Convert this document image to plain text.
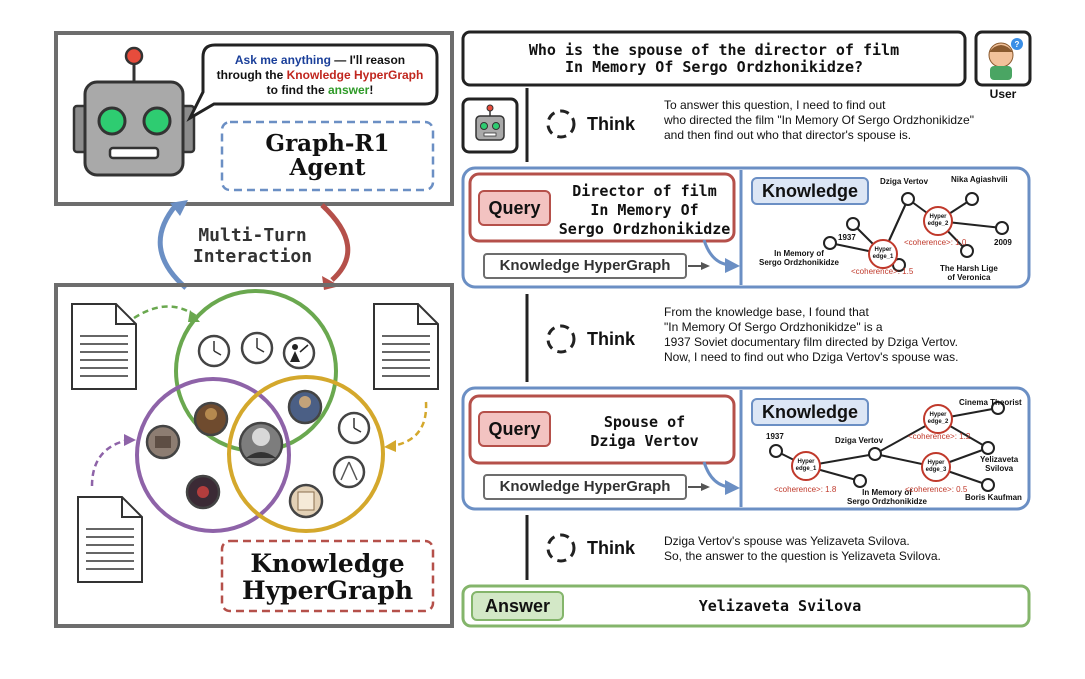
Ask me anything — I'll reason
through the Knowledge HyperGraph
to find the answer!
Graph-R1
Agent
Multi-Turn
Interaction
Knowledge
HyperGraph
?
Who is the spouse of the director of film
In Memory Of Sergo Ordzhonikidze?
User
Think
To answer this question, I need to find out
who directed the film "In Memory Of Sergo Ordzhonikidze"
and then find out who that director's spouse is.
Query
Director of film
In Memory Of
Sergo Ordzhonikidze
Knowledge HyperGraph
Knowledge	Dziga Vertov	Nika Agiashvili
1937
Hyper
edge_2
Hyper
edge_1
2009
In Memory of
Sergo Ordzhonikidze
The Harsh Lige
of Veronica
<coherence>: 1.5
<coherence>: 1.0
Think
From the knowledge base, I found that
"In Memory Of Sergo Ordzhonikidze" is a
1937 Soviet documentary film directed by Dziga Vertov.
Now, I need to find out who Dziga Vertov's spouse was.
Query	Spouse of
Dziga Vertov
Knowledge HyperGraph
Knowledge	Cinema Theorist
1937	Dziga Vertov
Hyper
edge_2
Hyper
edge_1
Hyper
edge_3
Yelizaveta
Svilova
In Memory of
Sergo Ordzhonikidze	Boris Kaufman
<coherence>: 1.8
<coherence>: 1.2
<coherence>: 0.5
Think Dziga Vertov's spouse was Yelizaveta Svilova.
So, the answer to the question is Yelizaveta Svilova.
Answer	Yelizaveta Svilova
